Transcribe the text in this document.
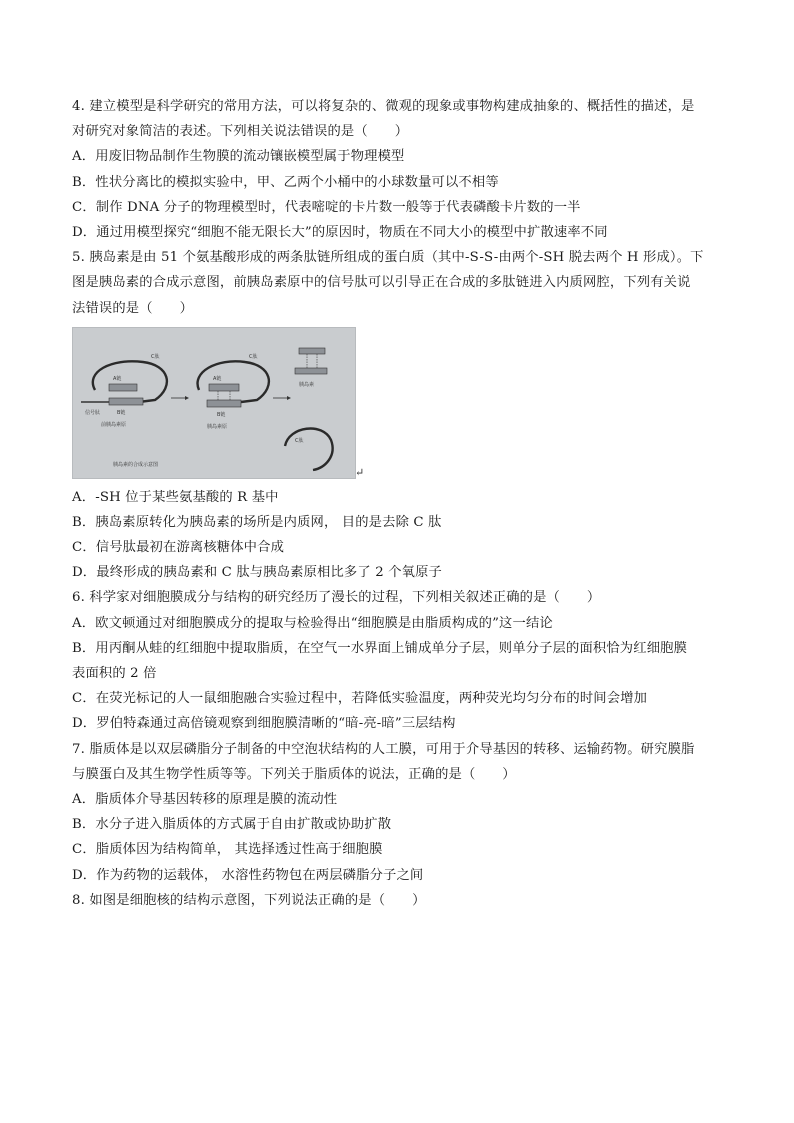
4. 建立模型是科学研究的常用方法，可以将复杂的、微观的现象或事物构建成抽象的、概括性的描述，是
对研究对象简洁的表述。下列相关说法错误的是（　　）
A．用废旧物品制作生物膜的流动镶嵌模型属于物理模型
B．性状分离比的模拟实验中，甲、乙两个小桶中的小球数量可以不相等
C．制作 DNA 分子的物理模型时，代表嘧啶的卡片数一般等于代表磷酸卡片数的一半
D．通过用模型探究“细胞不能无限长大”的原因时，物质在不同大小的模型中扩散速率不同
5. 胰岛素是由 51 个氨基酸形成的两条肽链所组成的蛋白质（其中-S-S-由两个-SH 脱去两个 H 形成）。下
图是胰岛素的合成示意图，前胰岛素原中的信号肽可以引导正在合成的多肽链进入内质网腔，下列有关说
法错误的是（　　）
A链
C肽
B链
信号肽
前胰岛素原
A链
C肽
B链
胰岛素原
胰岛素
C肽
胰岛素的合成示意图
↵
A．-SH 位于某些氨基酸的 R 基中
B．胰岛素原转化为胰岛素的场所是内质网， 目的是去除 C 肽
C．信号肽最初在游离核糖体中合成
D．最终形成的胰岛素和 C 肽与胰岛素原相比多了 2 个氧原子
6. 科学家对细胞膜成分与结构的研究经历了漫长的过程，下列相关叙述正确的是（　　）
A．欧文顿通过对细胞膜成分的提取与检验得出“细胞膜是由脂质构成的”这一结论
B．用丙酮从蛙的红细胞中提取脂质，在空气一水界面上铺成单分子层，则单分子层的面积恰为红细胞膜
表面积的 2 倍
C．在荧光标记的人一鼠细胞融合实验过程中，若降低实验温度，两种荧光均匀分布的时间会增加
D．罗伯特森通过高倍镜观察到细胞膜清晰的“暗-亮-暗”三层结构
7. 脂质体是以双层磷脂分子制备的中空泡状结构的人工膜，可用于介导基因的转移、运输药物。研究膜脂
与膜蛋白及其生物学性质等等。下列关于脂质体的说法，正确的是（　　）
A．脂质体介导基因转移的原理是膜的流动性
B．水分子进入脂质体的方式属于自由扩散或协助扩散
C．脂质体因为结构简单， 其选择透过性高于细胞膜
D．作为药物的运载体， 水溶性药物包在两层磷脂分子之间
8. 如图是细胞核的结构示意图，下列说法正确的是（　　）
